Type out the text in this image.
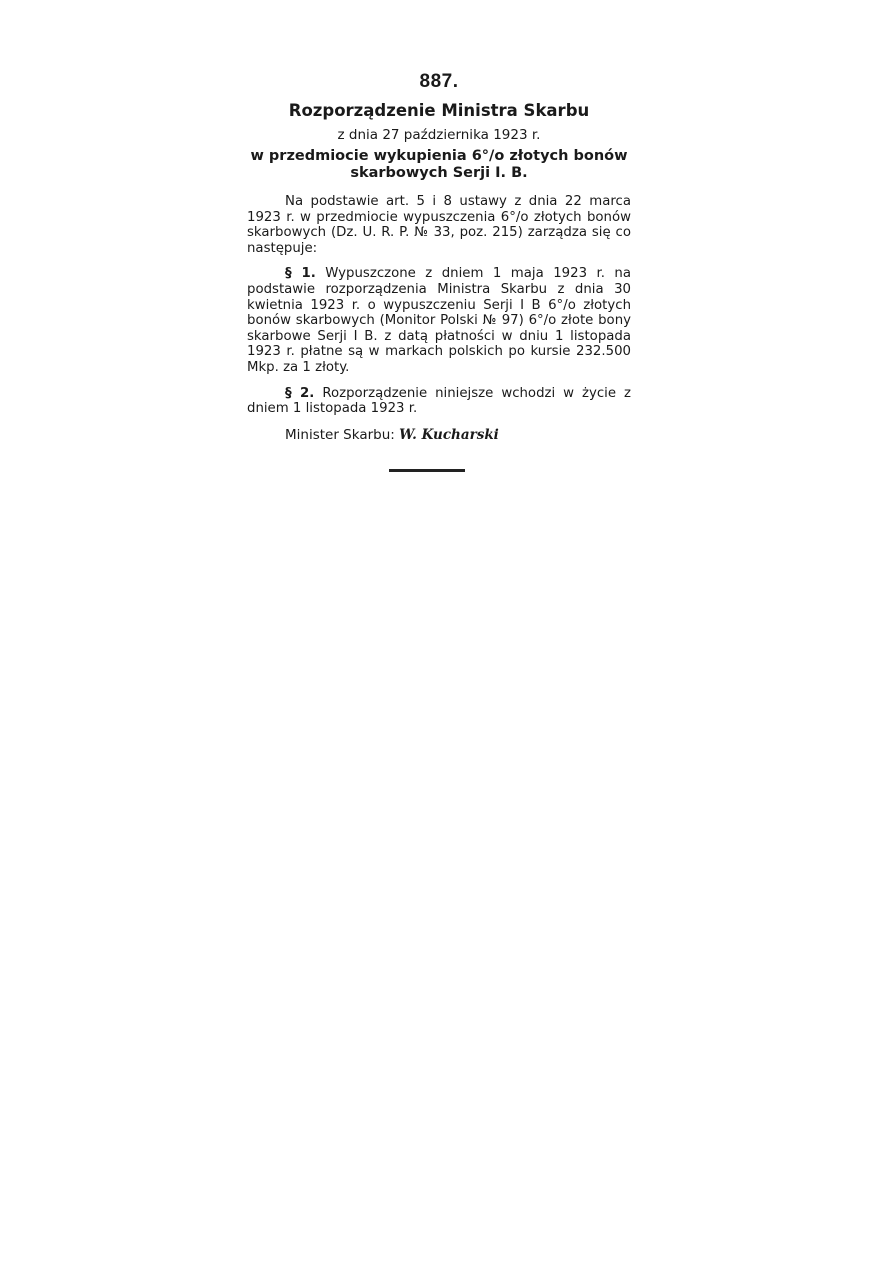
887.
Rozporządzenie Ministra Skarbu
z dnia 27 października 1923 r.
w przedmiocie wykupienia 6°/o złotych bonów skarbowych Serji I. B.

Na podstawie art. 5 i 8 ustawy z dnia 22 marca 1923 r. w przedmiocie wypuszczenia 6°/o złotych bonów skarbowych (Dz. U. R. P. № 33, poz. 215) zarządza się co następuje:

§ 1. Wypuszczone z dniem 1 maja 1923 r. na podstawie rozporządzenia Ministra Skarbu z dnia 30 kwietnia 1923 r. o wypuszczeniu Serji I B 6°/o złotych bonów skarbowych (Monitor Polski № 97) 6°/o złote bony skarbowe Serji I B. z datą płatności w dniu 1 listopada 1923 r. płatne są w markach polskich po kursie 232.500 Mkp. za 1 złoty.

§ 2. Rozporządzenie niniejsze wchodzi w życie z dniem 1 listopada 1923 r.

Minister Skarbu: W. Kucharski
